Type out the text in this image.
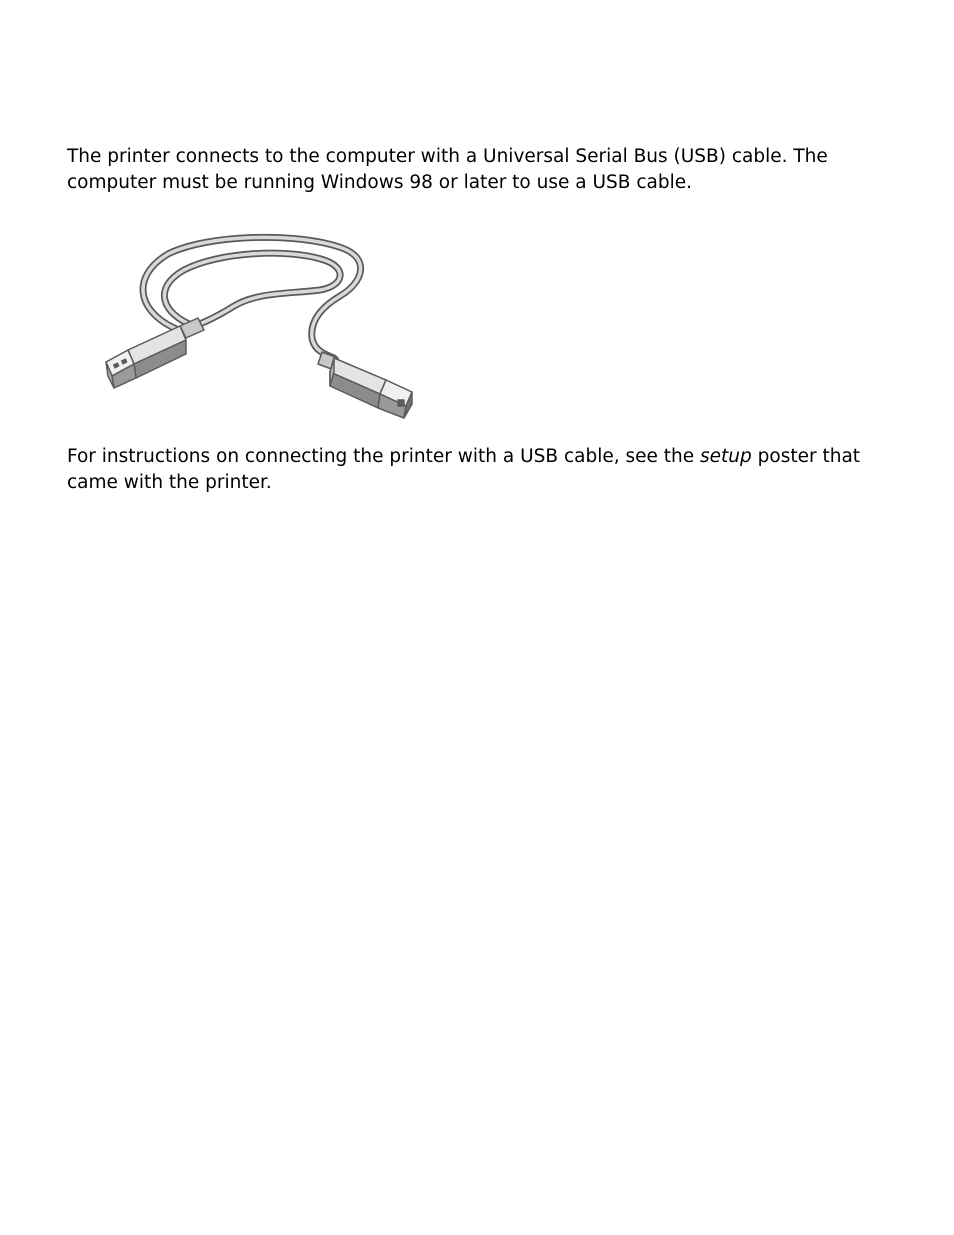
The printer connects to the computer with a Universal Serial Bus (USB) cable. The computer must be running Windows 98 or later to use a USB cable.

For instructions on connecting the printer with a USB cable, see the setup poster that came with the printer.
